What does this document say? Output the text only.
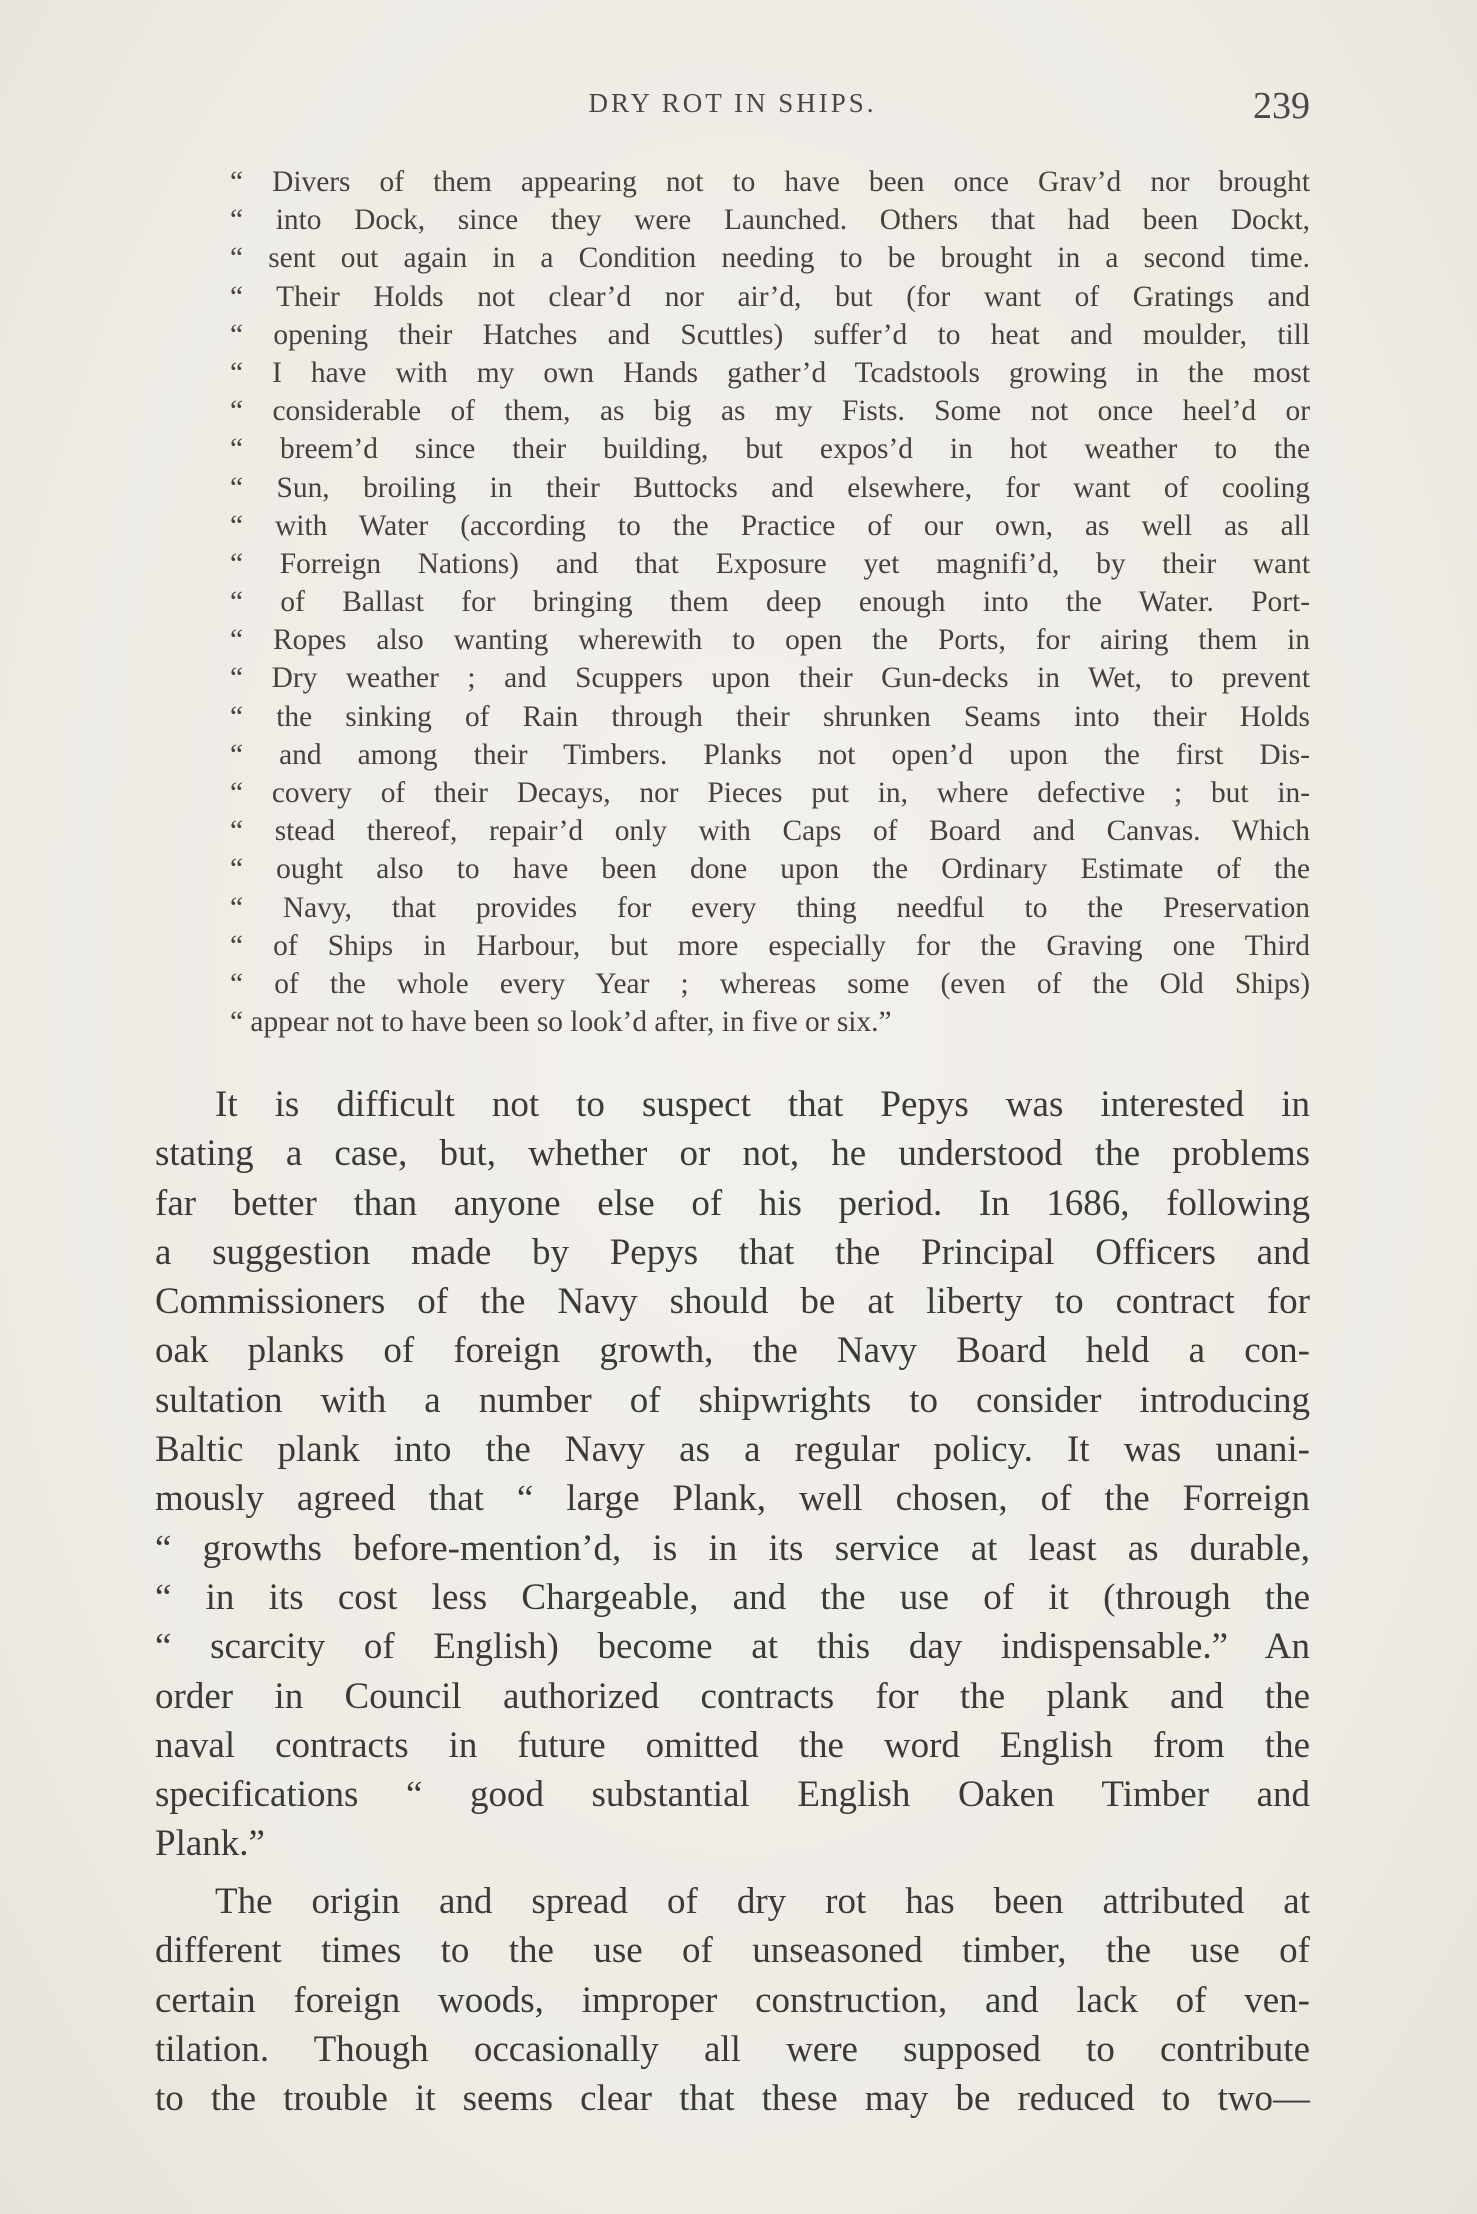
DRY ROT IN SHIPS.	239
“ Divers of them appearing not to have been once Grav’d nor brought
“ into Dock, since they were Launched. Others that had been Dockt,
“ sent out again in a Condition needing to be brought in a second time.
“ Their Holds not clear’d nor air’d, but (for want of Gratings and
“ opening their Hatches and Scuttles) suffer’d to heat and moulder, till
“ I have with my own Hands gather’d Tcadstools growing in the most
“ considerable of them, as big as my Fists. Some not once heel’d or
“ breem’d since their building, but expos’d in hot weather to the
“ Sun, broiling in their Buttocks and elsewhere, for want of cooling
“ with Water (according to the Practice of our own, as well as all
“ Forreign Nations) and that Exposure yet magnifi’d, by their want
“ of Ballast for bringing them deep enough into the Water. Port-
“ Ropes also wanting wherewith to open the Ports, for airing them in
“ Dry weather ; and Scuppers upon their Gun-decks in Wet, to prevent
“ the sinking of Rain through their shrunken Seams into their Holds
“ and among their Timbers. Planks not open’d upon the first Dis-
“ covery of their Decays, nor Pieces put in, where defective ; but in-
“ stead thereof, repair’d only with Caps of Board and Canvas. Which
“ ought also to have been done upon the Ordinary Estimate of the
“ Navy, that provides for every thing needful to the Preservation
“ of Ships in Harbour, but more especially for the Graving one Third
“ of the whole every Year ; whereas some (even of the Old Ships)
“ appear not to have been so look’d after, in five or six.”
It is difficult not to suspect that Pepys was interested in
stating a case, but, whether or not, he understood the problems
far better than anyone else of his period. In 1686, following
a suggestion made by Pepys that the Principal Officers and
Commissioners of the Navy should be at liberty to contract for
oak planks of foreign growth, the Navy Board held a con-
sultation with a number of shipwrights to consider introducing
Baltic plank into the Navy as a regular policy. It was unani-
mously agreed that “ large Plank, well chosen, of the Forreign
“ growths before-mention’d, is in its service at least as durable,
“ in its cost less Chargeable, and the use of it (through the
“ scarcity of English) become at this day indispensable.” An
order in Council authorized contracts for the plank and the
naval contracts in future omitted the word English from the
specifications “ good substantial English Oaken Timber and
Plank.”
The origin and spread of dry rot has been attributed at
different times to the use of unseasoned timber, the use of
certain foreign woods, improper construction, and lack of ven-
tilation. Though occasionally all were supposed to contribute
to the trouble it seems clear that these may be reduced to two—
